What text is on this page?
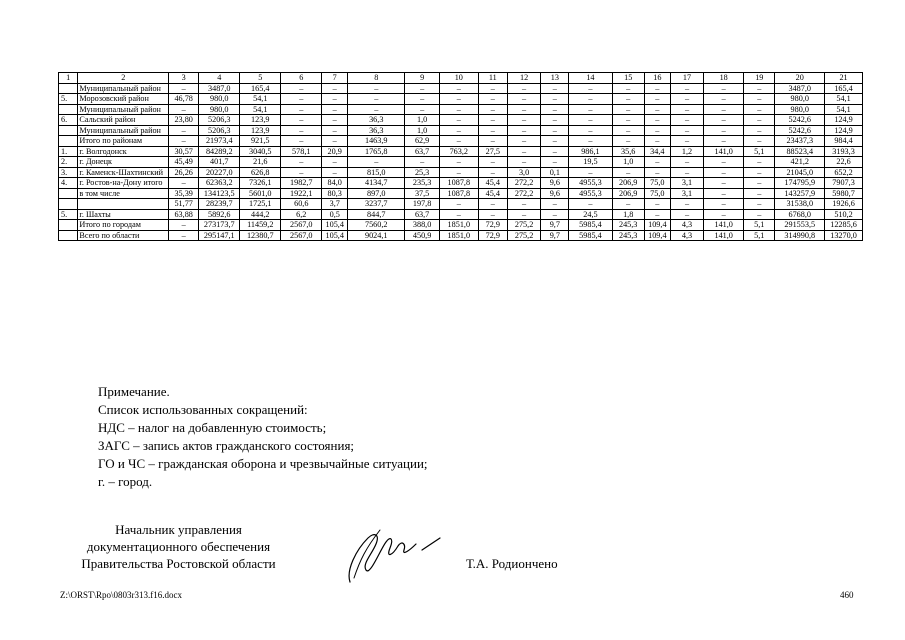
1	2	3	4	5	6	7	8	9	10	11	12	13	14	15	16	17	18	19	20	21
	Муниципальный район	–	3487,0	165,4	–	–	–	–	–	–	–	–	–	–	–	–	–	–	3487,0	165,4
5.	Морозовский район	46,78	980,0	54,1	–	–	–	–	–	–	–	–	–	–	–	–	–	–	980,0	54,1
	Муниципальный район	–	980,0	54,1	–	–	–	–	–	–	–	–	–	–	–	–	–	–	980,0	54,1
6.	Сальский район	23,80	5206,3	123,9	–	–	36,3	1,0	–	–	–	–	–	–	–	–	–	–	5242,6	124,9
	Муниципальный район	–	5206,3	123,9	–	–	36,3	1,0	–	–	–	–	–	–	–	–	–	–	5242,6	124,9
	Итого по районам	–	21973,4	921,5	–	–	1463,9	62,9	–	–	–	–	–	–	–	–	–	–	23437,3	984,4
1.	г. Волгодонск	30,57	84289,2	3040,5	578,1	20,9	1765,8	63,7	763,2	27,5	–	–	986,1	35,6	34,4	1,2	141,0	5,1	88523,4	3193,3
2.	г. Донецк	45,49	401,7	21,6	–	–	–	–	–	–	–	–	19,5	1,0	–	–	–	–	421,2	22,6
3.	г. Каменск-Шахтинский	26,26	20227,0	626,8	–	–	815,0	25,3	–	–	3,0	0,1	–	–	–	–	–	–	21045,0	652,2
4.	г. Ростов-на-Дону итого	–	62363,2	7326,1	1982,7	84,0	4134,7	235,3	1087,8	45,4	272,2	9,6	4955,3	206,9	75,0	3,1	–	–	174795,9	7907,3
	в том числе	35,39	134123,5	5601,0	1922,1	80,3	897,0	37,5	1087,8	45,4	272,2	9,6	4955,3	206,9	75,0	3,1	–	–	143257,9	5980,7
		51,77	28239,7	1725,1	60,6	3,7	3237,7	197,8	–	–	–	–	–	–	–	–	–	–	31538,0	1926,6
5.	г. Шахты	63,88	5892,6	444,2	6,2	0,5	844,7	63,7	–	–	–	–	24,5	1,8	–	–	–	–	6768,0	510,2
	Итого по городам	–	273173,7	11459,2	2567,0	105,4	7560,2	388,0	1851,0	72,9	275,2	9,7	5985,4	245,3	109,4	4,3	141,0	5,1	291553,5	12285,6
	Всего по области	–	295147,1	12380,7	2567,0	105,4	9024,1	450,9	1851,0	72,9	275,2	9,7	5985,4	245,3	109,4	4,3	141,0	5,1	314990,8	13270,0
Примечание.
Список использованных сокращений:
НДС – налог на добавленную стоимость;
ЗАГС – запись актов гражданского состояния;
ГО и ЧС – гражданская оборона и чрезвычайные ситуации;
г. – город.
Начальник управления
документационного обеспечения
Правительства Ростовской области	Т.А. Родиончено
Z:\ORST\Rpo\0803r313.f16.docx	460
